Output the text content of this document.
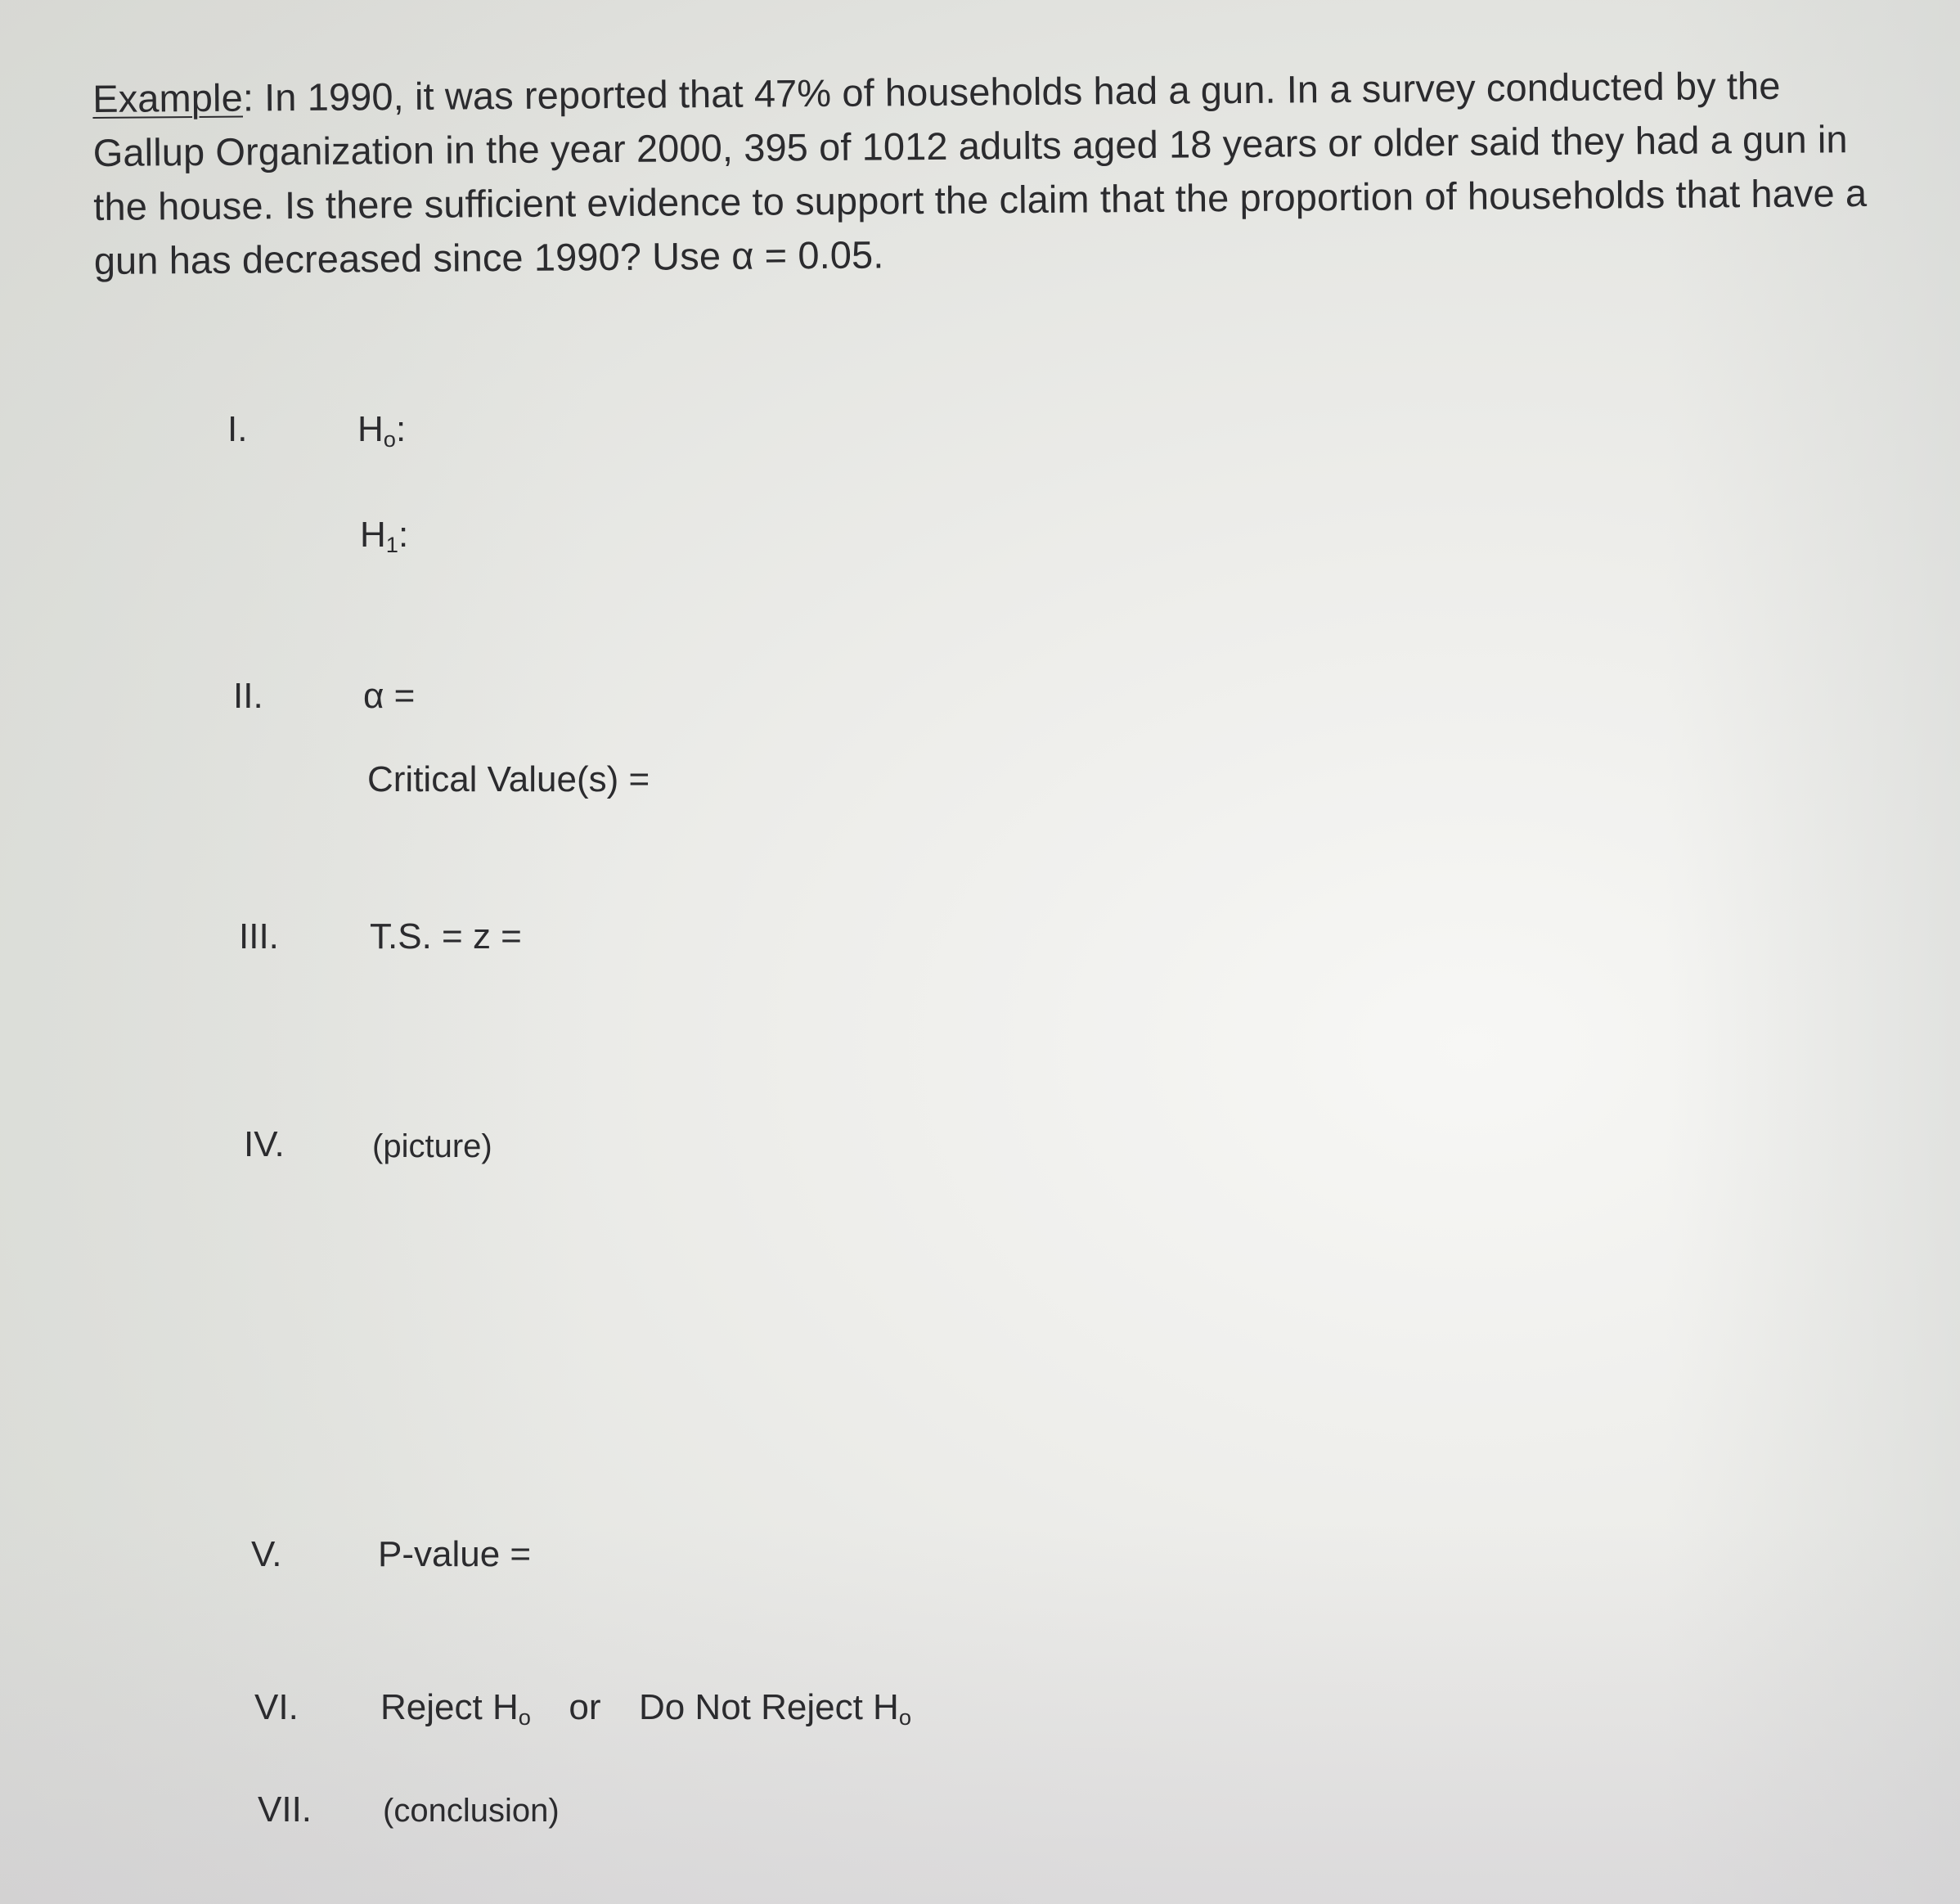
Example: In 1990, it was reported that 47% of households had a gun. In a survey conducted by the Gallup Organization in the year 2000, 395 of 1012 adults aged 18 years or older said they had a gun in the house. Is there sufficient evidence to support the claim that the proportion of households that have a gun has decreased since 1990? Use α = 0.05.
I.	$H_o$:
$H_1$:
II.	α =
Critical Value(s) =
III.	T.S. = z =
IV.	(picture)
V.	P-value =
VI. Reject $H_o$ or Do Not Reject $H_o$
VII. (conclusion)
